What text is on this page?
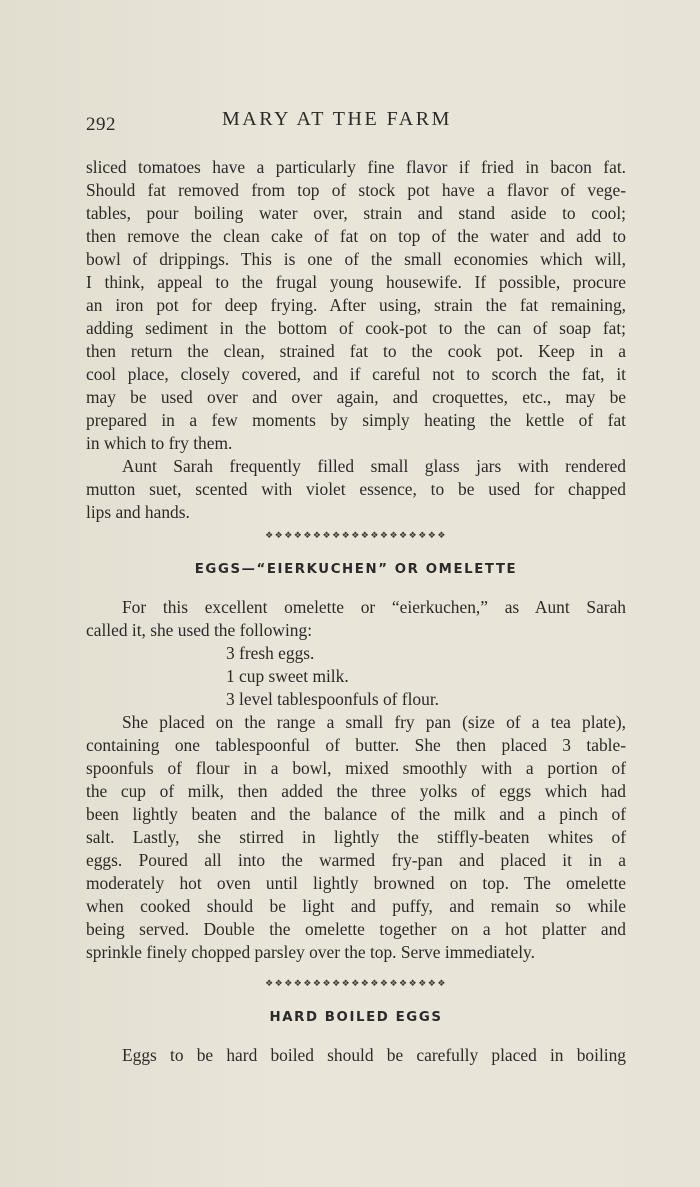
292	MARY AT THE FARM
sliced tomatoes have a particularly fine flavor if fried in bacon fat.
Should fat removed from top of stock pot have a flavor of vege-
tables, pour boiling water over, strain and stand aside to cool;
then remove the clean cake of fat on top of the water and add to
bowl of drippings. This is one of the small economies which will,
I think, appeal to the frugal young housewife. If possible, procure
an iron pot for deep frying. After using, strain the fat remaining,
adding sediment in the bottom of cook-pot to the can of soap fat;
then return the clean, strained fat to the cook pot. Keep in a
cool place, closely covered, and if careful not to scorch the fat, it
may be used over and over again, and croquettes, etc., may be
prepared in a few moments by simply heating the kettle of fat
in which to fry them.
Aunt Sarah frequently filled small glass jars with rendered
mutton suet, scented with violet essence, to be used for chapped
lips and hands.
❖❖❖❖❖❖❖❖❖❖❖❖❖❖❖❖❖❖❖
EGGS—“EIERKUCHEN” OR OMELETTE
For this excellent omelette or “eierkuchen,” as Aunt Sarah
called it, she used the following:
3 fresh eggs.
1 cup sweet milk.
3 level tablespoonfuls of flour.
She placed on the range a small fry pan (size of a tea plate),
containing one tablespoonful of butter. She then placed 3 table-
spoonfuls of flour in a bowl, mixed smoothly with a portion of
the cup of milk, then added the three yolks of eggs which had
been lightly beaten and the balance of the milk and a pinch of
salt. Lastly, she stirred in lightly the stiffly-beaten whites of
eggs. Poured all into the warmed fry-pan and placed it in a
moderately hot oven until lightly browned on top. The omelette
when cooked should be light and puffy, and remain so while
being served. Double the omelette together on a hot platter and
sprinkle finely chopped parsley over the top. Serve immediately.
❖❖❖❖❖❖❖❖❖❖❖❖❖❖❖❖❖❖❖
HARD BOILED EGGS
Eggs to be hard boiled should be carefully placed in boiling
